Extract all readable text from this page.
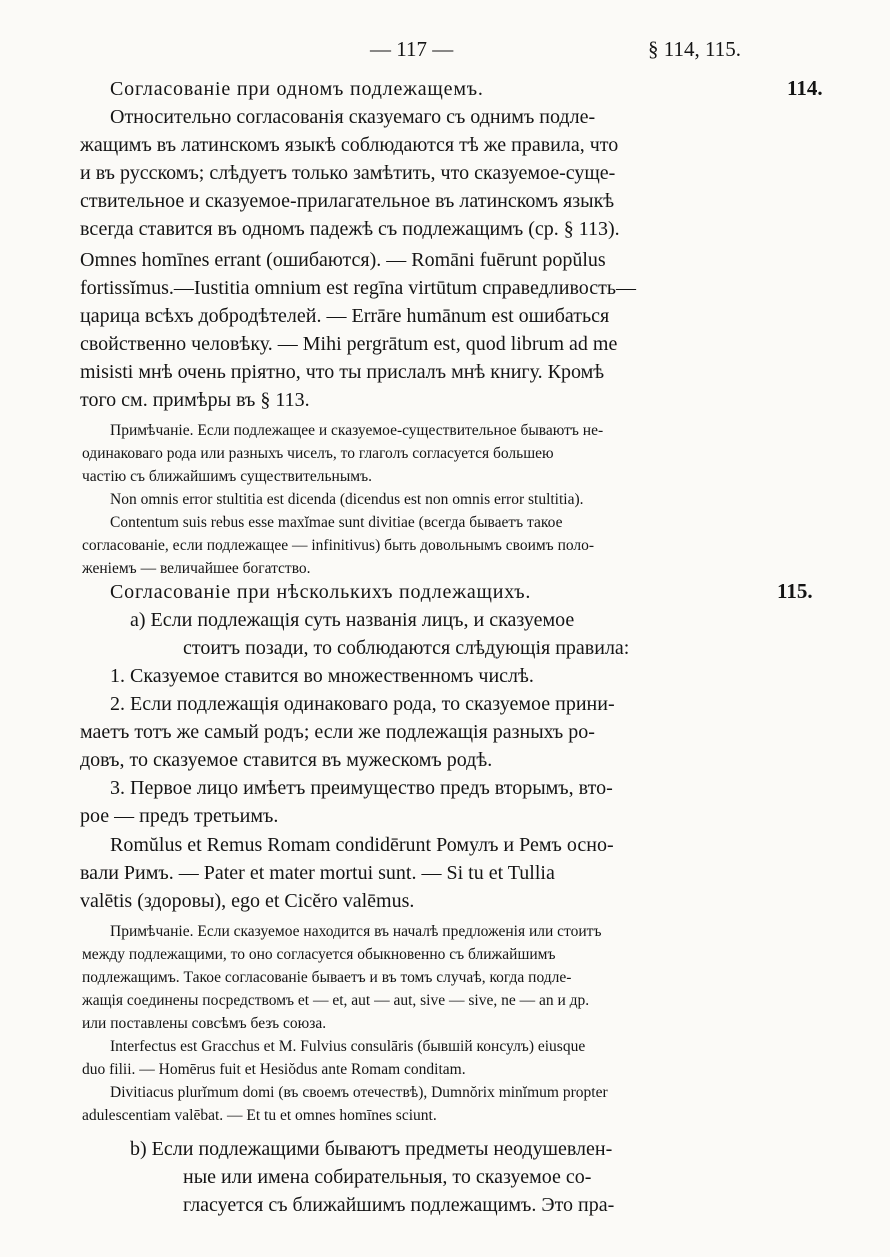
— 117 —	§ 114, 115.
114.
Согласованіе при одномъ подлежащемъ.
Относительно согласованія сказуемаго съ однимъ подле-
жащимъ въ латинскомъ языкѣ соблюдаются тѣ же правила, что
и въ русскомъ; слѣдуетъ только замѣтить, что сказуемое-суще-
ствительное и сказуемое-прилагательное въ латинскомъ языкѣ
всегда ставится въ одномъ падежѣ съ подлежащимъ (ср. § 113).
Omnes homīnes errant (ошибаются). — Romāni fuērunt popŭlus
fortissĭmus.—Iustitia omnium est regīna virtūtum справедливость—
царица всѣхъ добродѣтелей. — Errāre humānum est ошибаться
свойственно человѣку. — Mihi pergrātum est, quod librum ad me
misisti мнѣ очень пріятно, что ты прислалъ мнѣ книгу. Кромѣ
того см. примѣры въ § 113.
Примѣчаніе. Если подлежащее и сказуемое-существительное бываютъ не-
одинаковаго рода или разныхъ чиселъ, то глаголъ согласуется большею
частію съ ближайшимъ существительнымъ.
Non omnis error stultitia est dicenda (dicendus est non omnis error stultitia).
Contentum suis rebus esse maxĭmae sunt divitiae (всегда бываетъ такое
согласованіе, если подлежащее — infinitivus) быть довольнымъ своимъ поло-
женіемъ — величайшее богатство.
115.
Согласованіе при нѣсколькихъ подлежащихъ.
a) Если подлежащія суть названія лицъ, и сказуемое
стоитъ позади, то соблюдаются слѣдующія правила:
1. Сказуемое ставится во множественномъ числѣ.
2. Если подлежащія одинаковаго рода, то сказуемое прини-
маетъ тотъ же самый родъ; если же подлежащія разныхъ ро-
довъ, то сказуемое ставится въ мужескомъ родѣ.
3. Первое лицо имѣетъ преимущество предъ вторымъ, вто-
рое — предъ третьимъ.
Romŭlus et Remus Romam condidērunt Ромулъ и Ремъ осно-
вали Римъ. — Pater et mater mortui sunt. — Si tu et Tullia
valētis (здоровы), ego et Cicĕro valēmus.
Примѣчаніе. Если сказуемое находится въ началѣ предложенія или стоитъ
между подлежащими, то оно согласуется обыкновенно съ ближайшимъ
подлежащимъ. Такое согласованіе бываетъ и въ томъ случаѣ, когда подле-
жащія соединены посредствомъ et — et, aut — aut, sive — sive, ne — an и др.
или поставлены совсѣмъ безъ союза.
Interfectus est Gracchus et M. Fulvius consulāris (бывшій консулъ) eiusque
duo filii. — Homērus fuit et Hesiŏdus ante Romam conditam.
Divitiacus plurĭmum domi (въ своемъ отечествѣ), Dumnŏrix minĭmum propter
adulescentiam valēbat. — Et tu et omnes homīnes sciunt.
b) Если подлежащими бываютъ предметы неодушевлен-
ные или имена собирательныя, то сказуемое со-
гласуется съ ближайшимъ подлежащимъ. Это пра-
